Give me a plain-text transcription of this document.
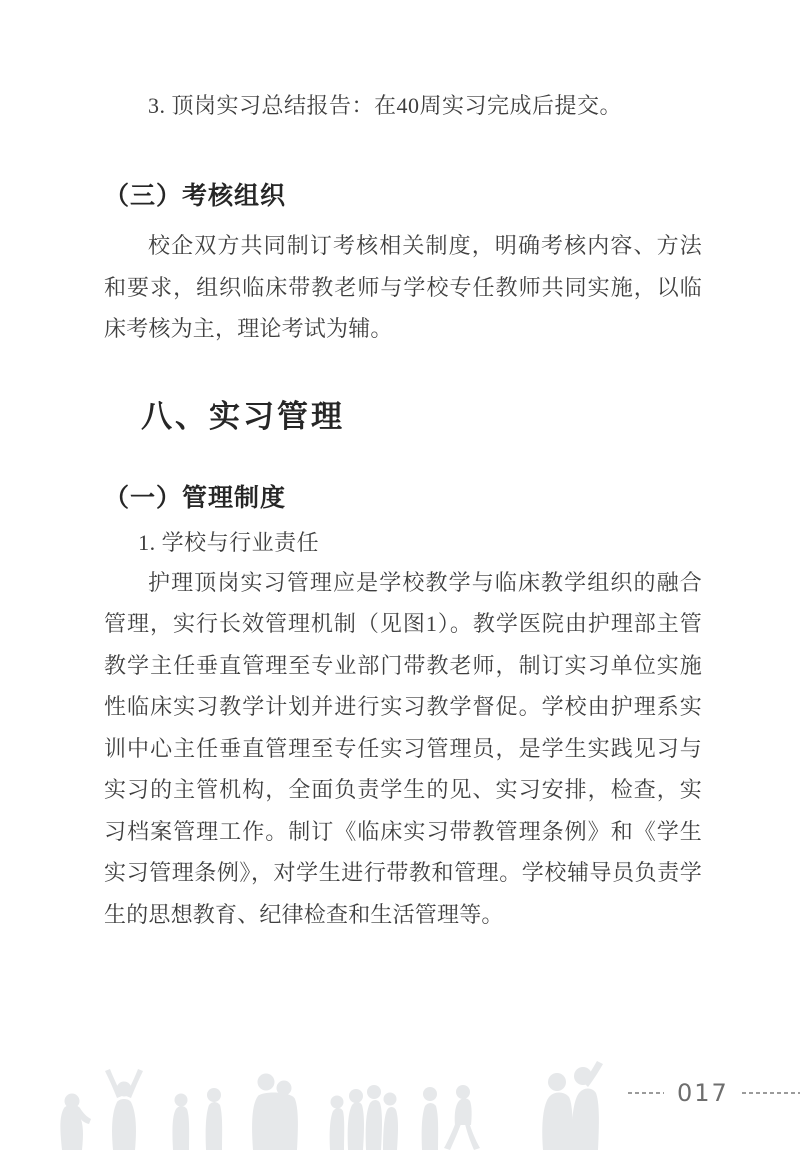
3. 顶岗实习总结报告：在40周实习完成后提交。

（三）考核组织

校企双方共同制订考核相关制度，明确考核内容、方法和要求，组织临床带教老师与学校专任教师共同实施，以临床考核为主，理论考试为辅。

八、实习管理
（一）管理制度

1. 学校与行业责任

护理顶岗实习管理应是学校教学与临床教学组织的融合管理，实行长效管理机制（见图1）。教学医院由护理部主管教学主任垂直管理至专业部门带教老师，制订实习单位实施性临床实习教学计划并进行实习教学督促。学校由护理系实训中心主任垂直管理至专任实习管理员，是学生实践见习与实习的主管机构，全面负责学生的见、实习安排，检查，实习档案管理工作。制订《临床实习带教管理条例》和《学生实习管理条例》，对学生进行带教和管理。学校辅导员负责学生的思想教育、纪律检查和生活管理等。

017
